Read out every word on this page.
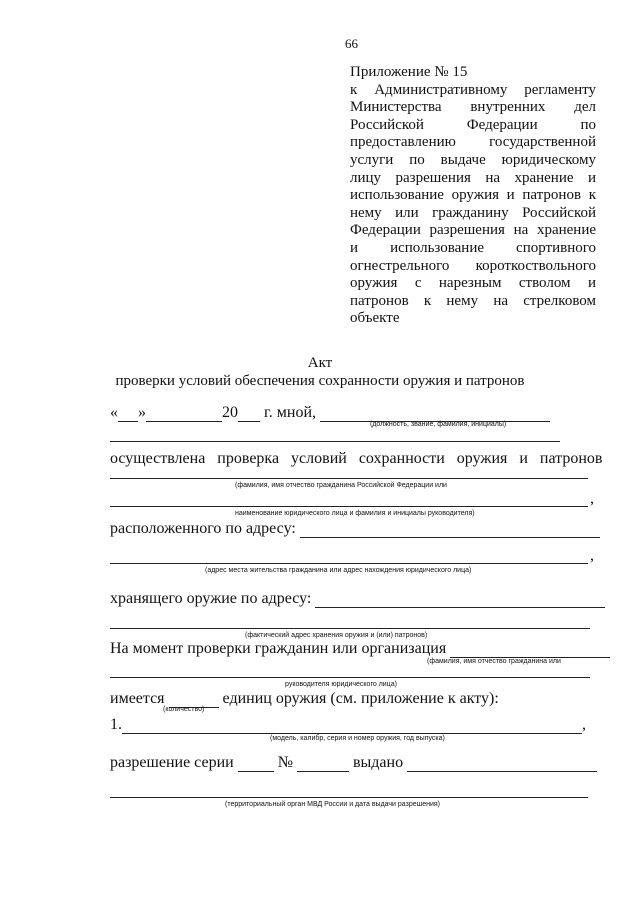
66
Приложение № 15
к Административному регламенту
Министерства внутренних дел
Российской Федерации по
предоставлению государственной
услуги по выдаче юридическому
лицу разрешения на хранение и
использование оружия и патронов к
нему или гражданину Российской
Федерации разрешения на хранение
и использование спортивного
огнестрельного короткоствольного
оружия с нарезным стволом и
патронов к нему на стрелковом
объекте
Акт
проверки условий обеспечения сохранности оружия и патронов
« »	20 г. мной,
(должность, звание, фамилия, инициалы)
осуществлена   проверка   условий   сохранности   оружия   и   патронов
(фамилия, имя отчество гражданина Российской Федерации или
,
наименование юридического лица и фамилия и инициалы руководителя)
расположенного по адресу:
,
(адрес места жительства гражданина или адрес нахождения юридического лица)
хранящего оружие по адресу:
(фактический адрес хранения оружия и (или) патронов)
На момент проверки гражданин или организация
(фамилия, имя отчество гражданина или
руководителя юридического лица)
имеется	единиц оружия (см. приложение к акту):
(количество)
1.	,
(модель, калибр, серия и номер оружия, год выпуска)
разрешение серии	№	выдано
(территориальный орган МВД России и дата выдачи разрешения)
